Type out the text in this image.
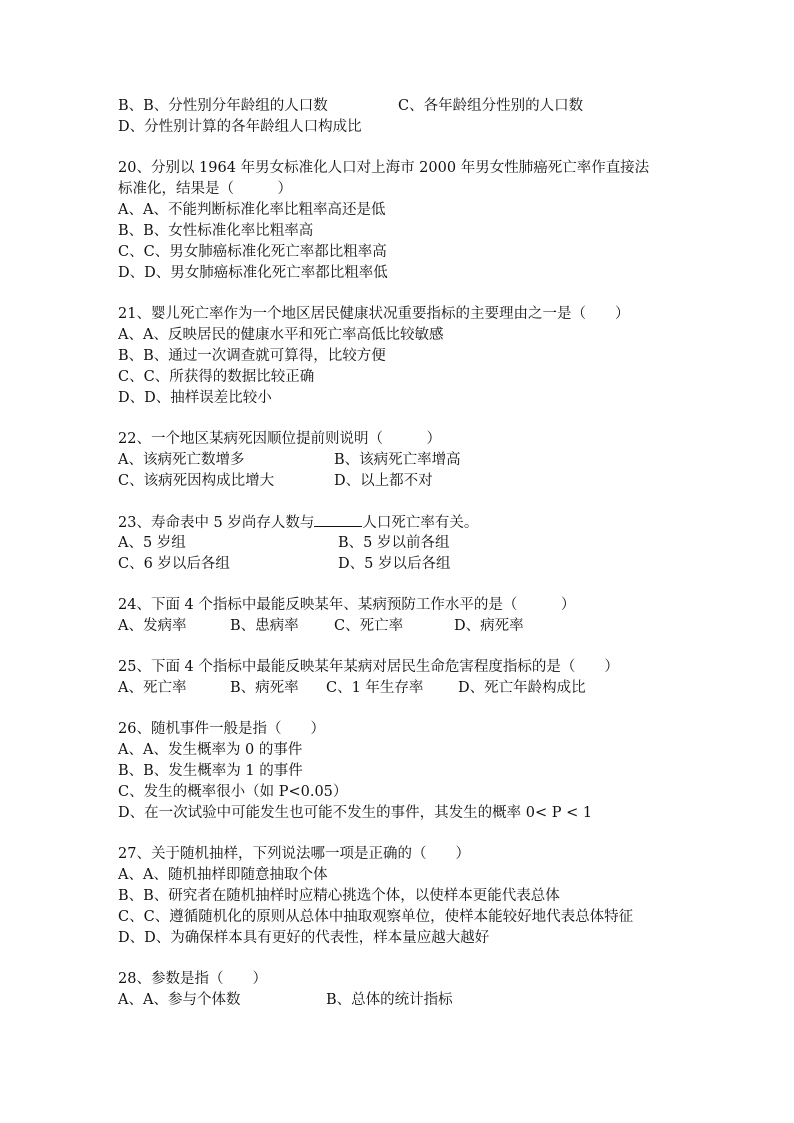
B、B、分性别分年龄组的人口数	C、各年龄组分性别的人口数
D、分性别计算的各年龄组人口构成比
20、分别以 1964 年男女标准化人口对上海市 2000 年男女性肺癌死亡率作直接法
标准化，结果是（　　　）
A、A、不能判断标准化率比粗率高还是低
B、B、女性标准化率比粗率高
C、C、男女肺癌标准化死亡率都比粗率高
D、D、男女肺癌标准化死亡率都比粗率低
21、婴儿死亡率作为一个地区居民健康状况重要指标的主要理由之一是（　　）
A、A、反映居民的健康水平和死亡率高低比较敏感
B、B、通过一次调查就可算得，比较方便
C、C、所获得的数据比较正确
D、D、抽样误差比较小
22、一个地区某病死因顺位提前则说明（　　　）
A、该病死亡数增多	B、该病死亡率增高
C、该病死因构成比增大	D、以上都不对
23、寿命表中 5 岁尚存人数与	人口死亡率有关。
A、5 岁组	B、5 岁以前各组
C、6 岁以后各组	D、5 岁以后各组
24、下面 4 个指标中最能反映某年、某病预防工作水平的是（　　　）
A、发病率	B、患病率 C、死亡率	D、病死率
25、下面 4 个指标中最能反映某年某病对居民生命危害程度指标的是（　　）
A、死亡率	B、病死率 C、1 年生存率 D、死亡年龄构成比
26、随机事件一般是指（　　）
A、A、发生概率为 0 的事件
B、B、发生概率为 1 的事件
C、发生的概率很小（如 P<0.05）
D、在一次试验中可能发生也可能不发生的事件，其发生的概率 0< P < 1
27、关于随机抽样，下列说法哪一项是正确的（　　）
A、A、随机抽样即随意抽取个体
B、B、研究者在随机抽样时应精心挑选个体，以使样本更能代表总体
C、C、遵循随机化的原则从总体中抽取观察单位，使样本能较好地代表总体特征
D、D、为确保样本具有更好的代表性，样本量应越大越好
28、参数是指（　　）
A、A、参与个体数	B、总体的统计指标
